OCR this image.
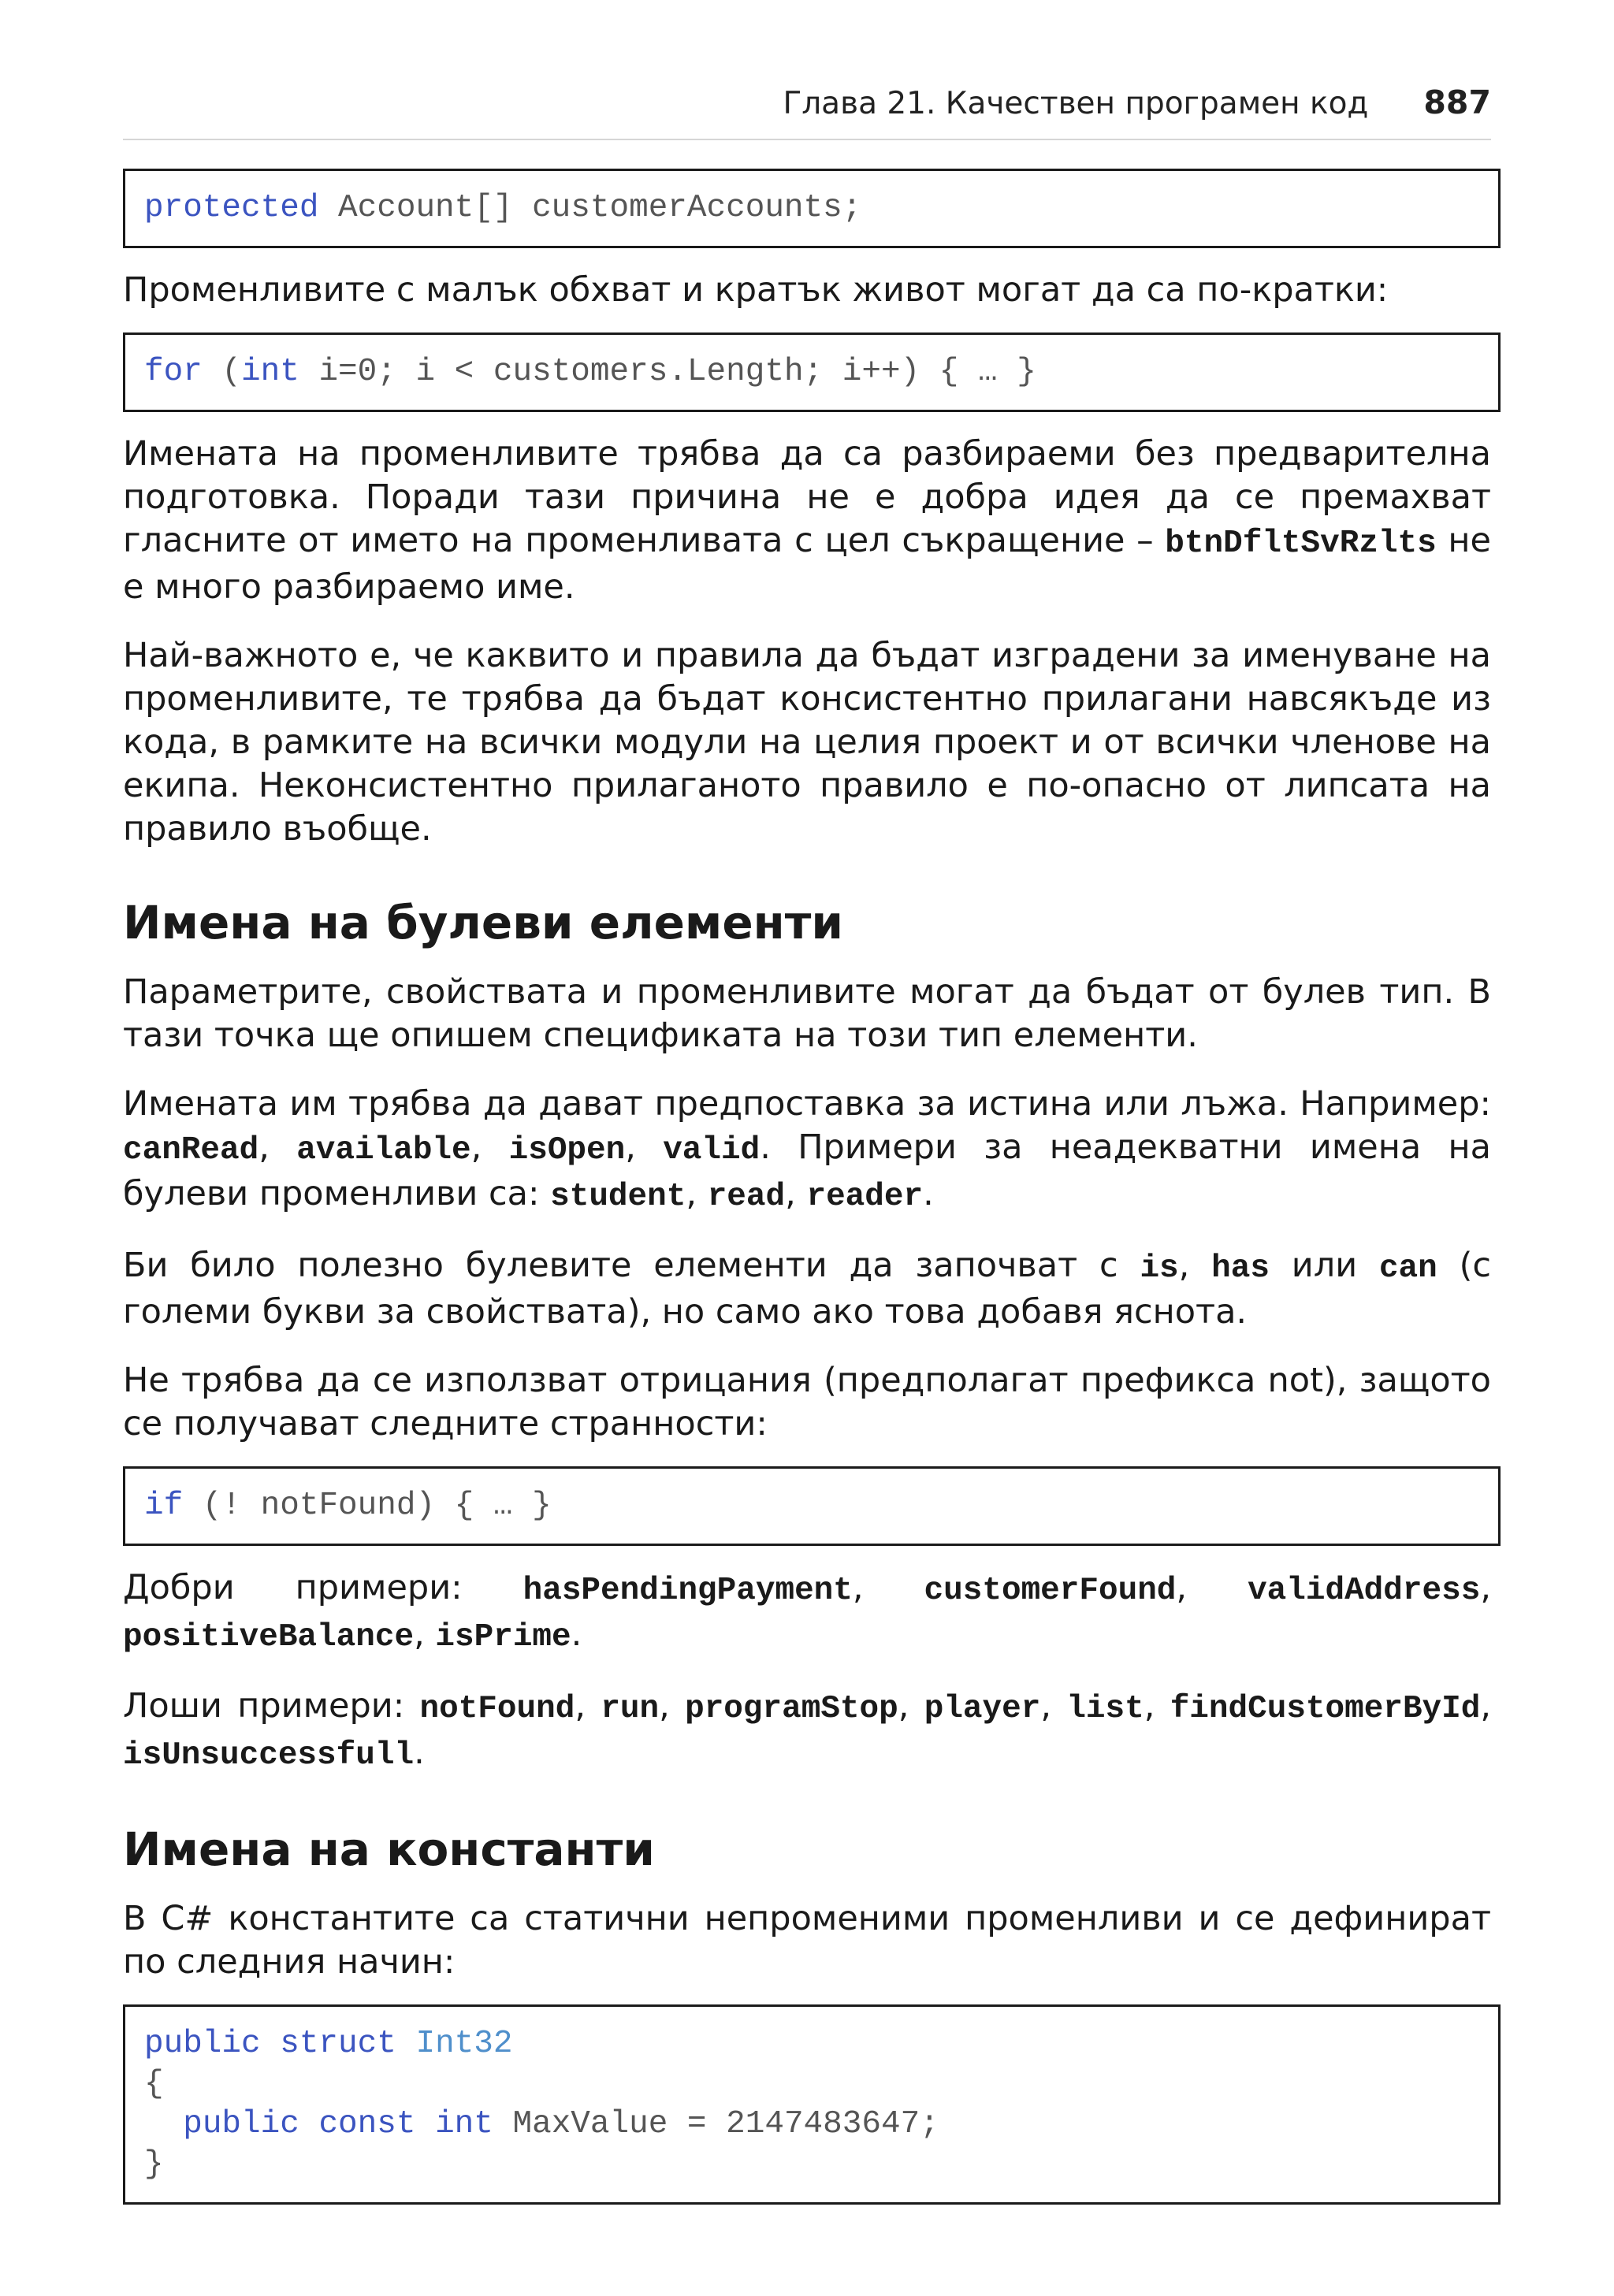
Глава 21. Качествен програмен код 887
protected Account[] customerAccounts;

Променливите с малък обхват и кратък живот могат да са по-кратки:

for (int i=0; i < customers.Length; i++) { … }

Имената на променливите трябва да са разбираеми без предварителна подготовка. Поради тази причина не е добра идея да се премахват гласните от името на променливата с цел съкращение – btnDfltSvRzlts не е много разбираемо име.

Най-важното е, че каквито и правила да бъдат изградени за именуване на променливите, те трябва да бъдат консистентно прилагани навсякъде из кода, в рамките на всички модули на целия проект и от всички членове на екипа. Неконсистентно прилаганото правило е по-опасно от липсата на правило въобще.

Имена на булеви елементи

Параметрите, свойствата и променливите могат да бъдат от булев тип. В тази точка ще опишем спецификата на този тип елементи.

Имената им трябва да дават предпоставка за истина или лъжа. Например: canRead, available, isOpen, valid. Примери за неадекватни имена на булеви променливи са: student, read, reader.

Би било полезно булевите елементи да започват с is, has или can (с големи букви за свойствата), но само ако това добавя яснота.

Не трябва да се използват отрицания (предполагат префикса not), защото се получават следните странности:

if (! notFound) { … }

Добри примери: hasPendingPayment, customerFound, validAddress, positiveBalance, isPrime.

Лоши примери: notFound, run, programStop, player, list, findCustomerById, isUnsuccessfull.

Имена на константи

В C# константите са статични непроменими променливи и се дефинират по следния начин:

public struct Int32
{
public const int MaxValue = 2147483647;
}
